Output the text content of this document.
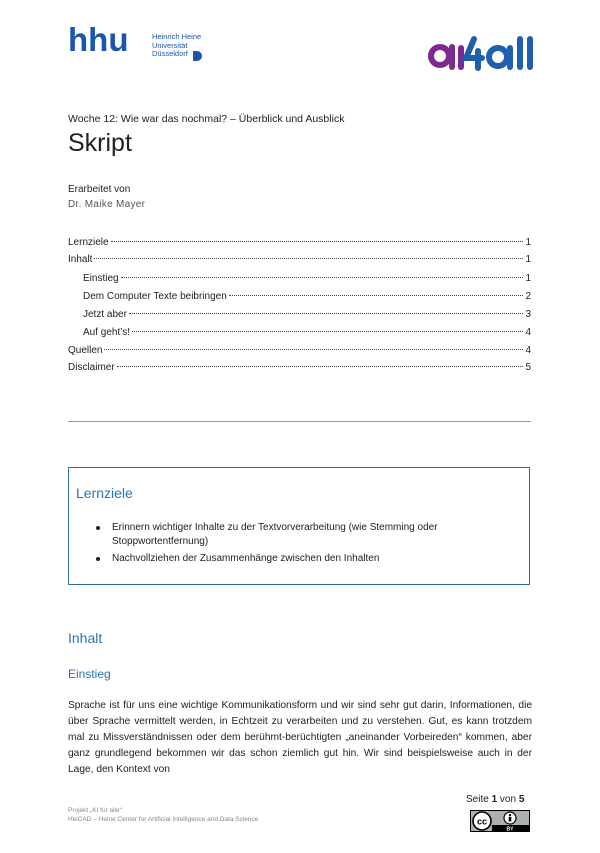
hhu	Heinrich Heine
Universität
Düsseldorf
ai4all
Woche 12: Wie war das nochmal? – Überblick und Ausblick
Skript
Erarbeitet von
Dr. Maike Mayer
Lernziele	1
Inhalt	1
Einstieg	1
Dem Computer Texte beibringen	2
Jetzt aber	3
Auf geht’s!	4
Quellen	4
Disclaimer	5
Lernziele
Erinnern wichtiger Inhalte zu der Textvorverarbeitung (wie Stemming oder Stoppwortentfernung)
Nachvollziehen der Zusammenhänge zwischen den Inhalten
Inhalt
Einstieg
Sprache ist für uns eine wichtige Kommunikationsform und wir sind sehr gut darin, Informationen, die über Sprache vermittelt werden, in Echtzeit zu verarbeiten und zu verstehen. Gut, es kann trotzdem mal zu Missverständnissen oder dem berühmt-berüchtigten „aneinander Vorbeireden“ kommen, aber ganz grundlegend bekommen wir das schon ziemlich gut hin. Wir sind beispielsweise auch in der Lage, den Kontext von
Projekt „KI für alle“
HeiCAD – Heine Center for Artificial Intelligence and Data Science
Seite 1 von 5
cc
BY
